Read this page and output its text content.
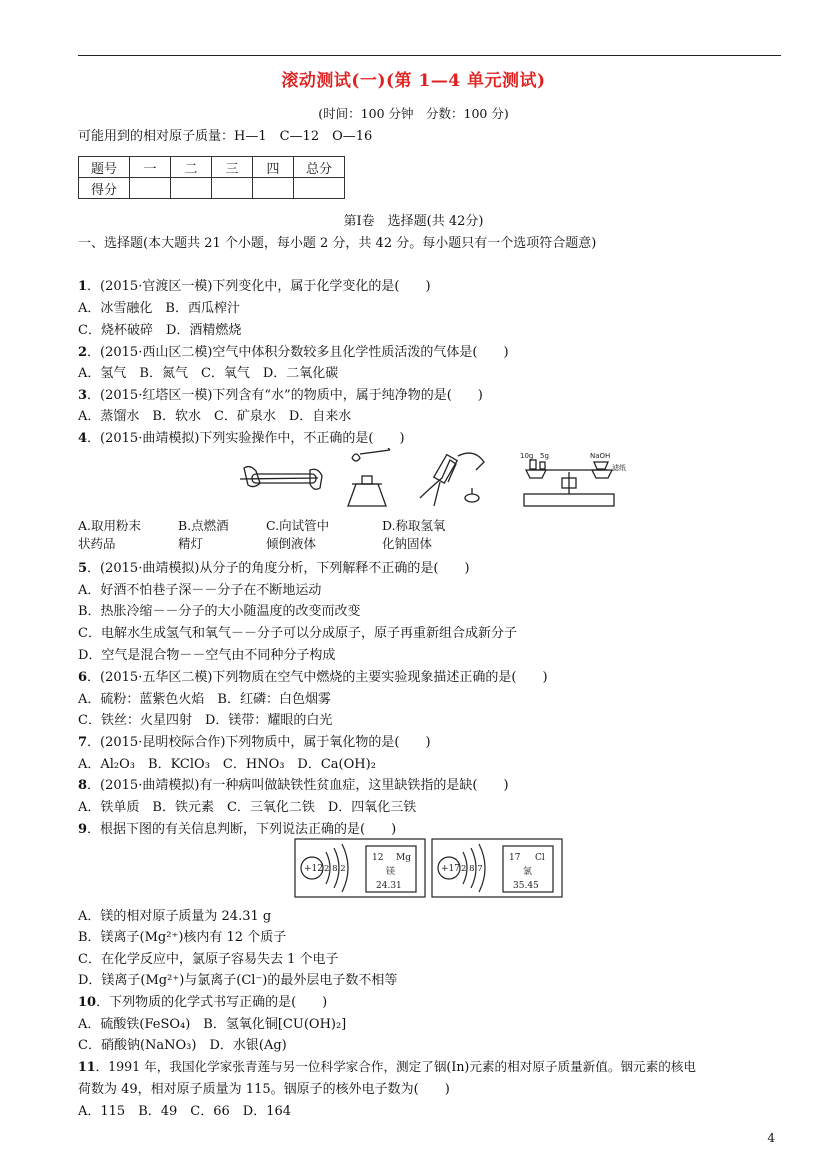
滚动测试(一)(第 1—4 单元测试)
(时间：100 分钟　分数：100 分)
可能用到的相对原子质量：H—1　C—12　O—16
题号	一	二	三	四	总分
得分					
第Ⅰ卷　选择题(共 42分)
一、选择题(本大题共 21 个小题，每小题 2 分，共 42 分。每小题只有一个选项符合题意)
1．(2015·官渡区一模)下列变化中，属于化学变化的是(　　)
A．冰雪融化　B．西瓜榨汁
C．烧杯破碎　D．酒精燃烧
2．(2015·西山区二模)空气中体积分数较多且化学性质活泼的气体是(　　)
A．氢气　B．氮气　C．氧气　D．二氧化碳
3．(2015·红塔区一模)下列含有“水”的物质中，属于纯净物的是(　　)
A．蒸馏水　B．软水　C．矿泉水　D．自来水
4．(2015·曲靖模拟)下列实验操作中，不正确的是(　　)
10g 5g	NaOH
滤纸
A.取用粉末
状药品
B.点燃酒
精灯
C.向试管中
倾倒液体
D.称取氢氧
化钠固体
5．(2015·曲靖模拟)从分子的角度分析，下列解释不正确的是(　　)
A．好酒不怕巷子深－－分子在不断地运动
B．热胀冷缩－－分子的大小随温度的改变而改变
C．电解水生成氢气和氧气－－分子可以分成原子，原子再重新组合成新分子
D．空气是混合物－－空气由不同种分子构成
6．(2015·五华区二模)下列物质在空气中燃烧的主要实验现象描述正确的是(　　)
A．硫粉：蓝紫色火焰　B．红磷：白色烟雾
C．铁丝：火星四射　D．镁带：耀眼的白光
7．(2015·昆明校际合作)下列物质中，属于氧化物的是(　　)
A．Al₂O₃　B．KClO₃　C．HNO₃　D．Ca(OH)₂
8．(2015·曲靖模拟)有一种病叫做缺铁性贫血症，这里缺铁指的是缺(　　)
A．铁单质　B．铁元素　C．三氧化二铁　D．四氧化三铁
9．根据下图的有关信息判断，下列说法正确的是(　　)
+12 2 8 2
12 Mg
镁
24.31
+17 2 8 7
17 Cl
氯
35.45
A．镁的相对原子质量为 24.31 g
B．镁离子(Mg²⁺)核内有 12 个质子
C．在化学反应中，氯原子容易失去 1 个电子
D．镁离子(Mg²⁺)与氯离子(Cl⁻)的最外层电子数不相等
10．下列物质的化学式书写正确的是(　　)
A．硫酸铁(FeSO₄)　B．氢氧化铜[CU(OH)₂]
C．硝酸钠(NaNO₃)　D．水银(Ag)
11．1991 年，我国化学家张青莲与另一位科学家合作，测定了铟(In)元素的相对原子质量新值。铟元素的核电
荷数为 49，相对原子质量为 115。铟原子的核外电子数为(　　)
A．115　B．49　C．66　D．164
4
